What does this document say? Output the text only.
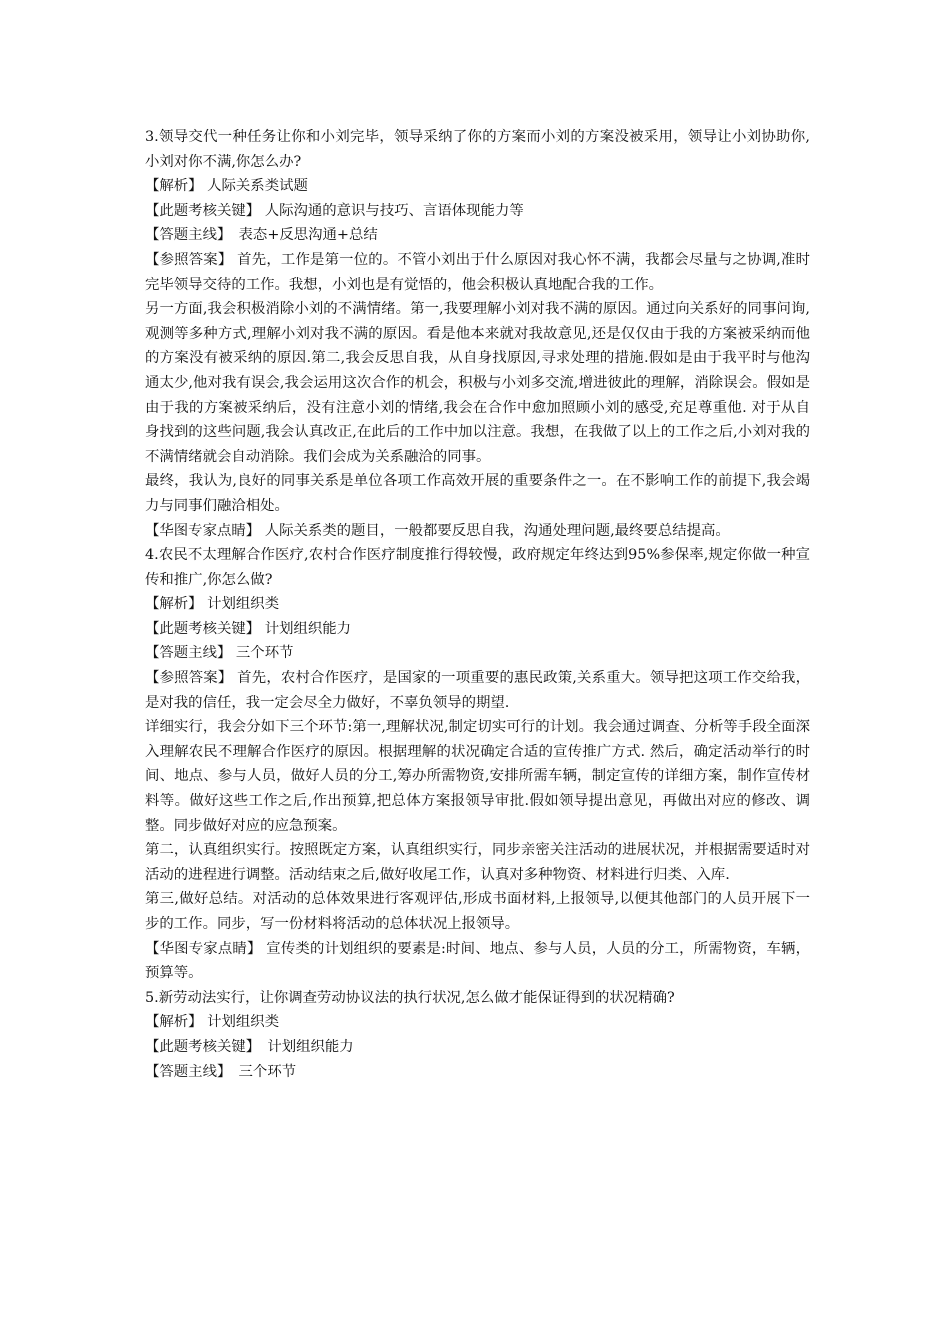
3.领导交代一种任务让你和小刘完毕，领导采纳了你的方案而小刘的方案没被采用，领导让小刘协助你,小刘对你不满,你怎么办?

【解析】 人际关系类试题

【此题考核关键】 人际沟通的意识与技巧、言语体现能力等

【答题主线】　表态+反思沟通+总结

【参照答案】 首先，工作是第一位的。不管小刘出于什么原因对我心怀不满，我都会尽量与之协调,准时完毕领导交待的工作。我想，小刘也是有觉悟的，他会积极认真地配合我的工作。

另一方面,我会积极消除小刘的不满情绪。第一,我要理解小刘对我不满的原因。通过向关系好的同事问询,观测等多种方式,理解小刘对我不满的原因。看是他本来就对我故意见,还是仅仅由于我的方案被采纳而他的方案没有被采纳的原因.第二,我会反思自我，从自身找原因,寻求处理的措施.假如是由于我平时与他沟通太少,他对我有误会,我会运用这次合作的机会，积极与小刘多交流,增进彼此的理解，消除误会。假如是由于我的方案被采纳后，没有注意小刘的情绪,我会在合作中愈加照顾小刘的感受,充足尊重他. 对于从自身找到的这些问题,我会认真改正,在此后的工作中加以注意。我想，在我做了以上的工作之后,小刘对我的不满情绪就会自动消除。我们会成为关系融洽的同事。

最终，我认为,良好的同事关系是单位各项工作高效开展的重要条件之一。在不影响工作的前提下,我会竭力与同事们融洽相处。

【华图专家点睛】 人际关系类的题目，一般都要反思自我，沟通处理问题,最终要总结提高。

4.农民不太理解合作医疗,农村合作医疗制度推行得较慢，政府规定年终达到95%参保率,规定你做一种宣传和推广,你怎么做?

【解析】 计划组织类

【此题考核关键】 计划组织能力

【答题主线】 三个环节

【参照答案】 首先，农村合作医疗，是国家的一项重要的惠民政策,关系重大。领导把这项工作交给我，是对我的信任，我一定会尽全力做好，不辜负领导的期望.

详细实行，我会分如下三个环节:第一,理解状况,制定切实可行的计划。我会通过调查、分析等手段全面深入理解农民不理解合作医疗的原因。根据理解的状况确定合适的宣传推广方式. 然后，确定活动举行的时间、地点、参与人员，做好人员的分工,筹办所需物资,安排所需车辆，制定宣传的详细方案，制作宣传材料等。做好这些工作之后,作出预算,把总体方案报领导审批.假如领导提出意见，再做出对应的修改、调整。同步做好对应的应急预案。

第二，认真组织实行。按照既定方案，认真组织实行，同步亲密关注活动的进展状况，并根据需要适时对活动的进程进行调整。活动结束之后,做好收尾工作，认真对多种物资、材料进行归类、入库.

第三,做好总结。对活动的总体效果进行客观评估,形成书面材料,上报领导,以便其他部门的人员开展下一步的工作。同步，写一份材料将活动的总体状况上报领导。

【华图专家点睛】 宣传类的计划组织的要素是:时间、地点、参与人员，人员的分工，所需物资，车辆，预算等。

5.新劳动法实行，让你调查劳动协议法的执行状况,怎么做才能保证得到的状况精确?

【解析】 计划组织类

【此题考核关键】　计划组织能力

【答题主线】　三个环节
